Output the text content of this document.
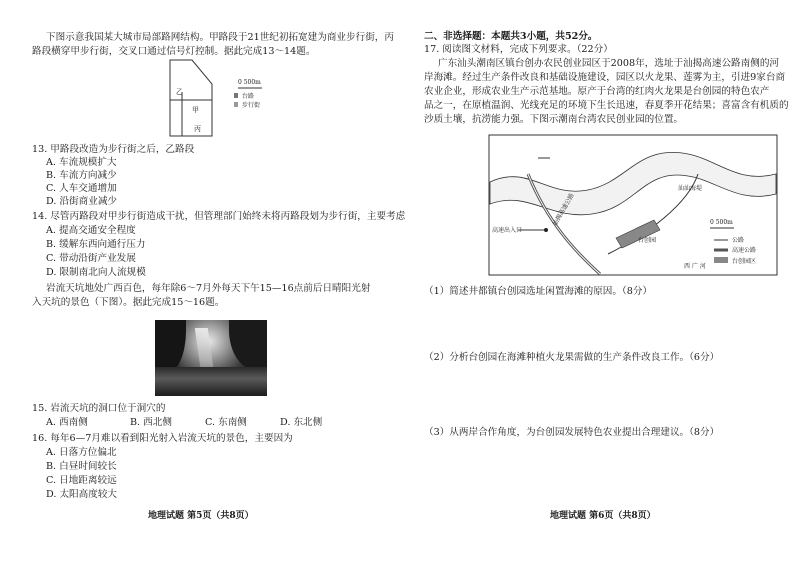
下图示意我国某大城市局部路网结构。甲路段于21世纪初拓宽建为商业步行街，丙
路段横穿甲步行街，交叉口通过信号灯控制。据此完成13～14题。
乙
甲
丙
0 500m
台路
步行街
13. 甲路段改造为步行街之后，乙路段
A. 车流规模扩大
B. 车流方向减少
C. 人车交通增加
D. 沿街商业减少
14. 尽管丙路段对甲步行街造成干扰，但管理部门始终未将丙路段划为步行街，主要考虑
A. 提高交通安全程度
B. 缓解东西向通行压力
C. 带动沿街产业发展
D. 限制南北向人流规模
岩流天坑地处广西百色，每年除6～7月外每天下午15—16点前后日晴阳光射
入天坑的景色（下图）。据此完成15～16题。
15. 岩流天坑的洞口位于洞穴的
A. 西南侧	B. 西北侧	C. 东南侧	D. 东北侧
16. 每年6—7月难以看到阳光射入岩流天坑的景色，主要因为
A. 日落方位偏北
B. 白昼时间较长
C. 日地距离较远
D. 太阳高度较大
地理试题 第5页（共8页）
二、非选择题：本题共3小题，共52分。
17. 阅读图文材料，完成下列要求。（22分）
广东汕头潮南区镇台创办农民创业园区于2008年，选址于汕揭高速公路南侧的河
岸海滩。经过生产条件改良和基础设施建设，园区以火龙果、莲雾为主，引进9家台商
农业企业，形成农业生产示范基地。原产于台湾的红肉火龙果是台创园的特色农产
品之一，在原植温润、光线充足的环境下生长迅速，春夏季开花结果；喜富含有机质的
沙质土壤，抗涝能力强。下图示潮南台湾农民创业园的位置。
汕揭高速公路
汕汕海堤
台创园
高速出入口
西 广 河
0 500m
公路
高速公路
台创园区
（1）简述井都镇台创园选址闲置海滩的原因。（8分）
（2）分析台创园在海滩种植火龙果需做的生产条件改良工作。（6分）
（3）从两岸合作角度，为台创园发展特色农业提出合理建议。（8分）
地理试题 第6页（共8页）
